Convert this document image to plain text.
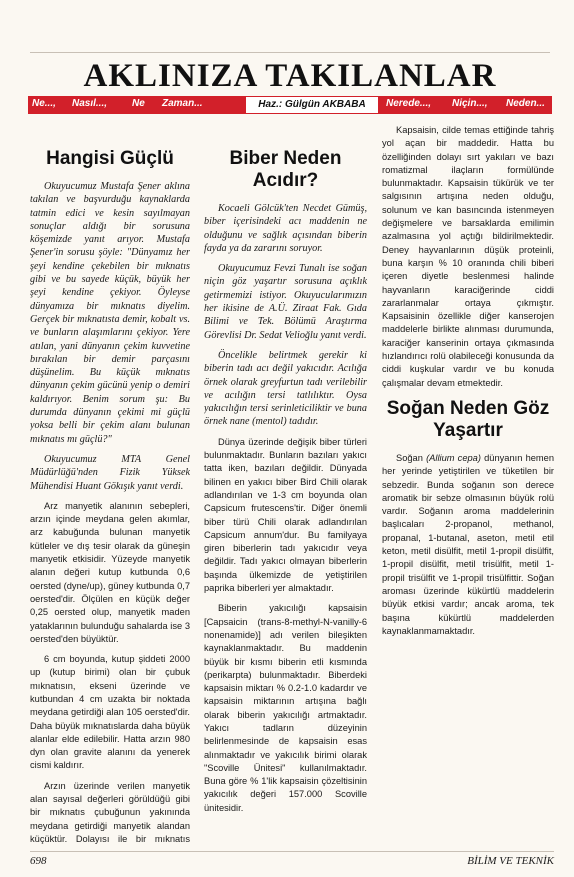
AKLINIZA TAKILANLAR
Ne..., Nasıl..., Ne Zaman...	Haz.: Gülgün AKBABA	Nerede..., Niçin..., Neden...
Hangisi Güçlü

Okuyucumuz Mustafa Şener aklına takılan ve başvurduğu kaynaklarda tatmin edici ve kesin sayılmayan sonuçlar aldığı bir sorusuna köşemizde yanıt arıyor. Mustafa Şener'in sorusu şöyle: "Dünyamız her şeyi kendine çekebilen bir mıknatıs gibi ve bu sayede küçük, büyük her şeyi kendine çekiyor. Öyleyse dünyamıza bir mıknatıs diyelim. Gerçek bir mıknatısta demir, kobalt vs. ve bunların alaşımlarını çekiyor. Yere atılan, yani dünyanın çekim kuvvetine bırakılan bir demir parçasını düşünelim. Bu küçük mıknatıs dünyanın çekim gücünü yenip o demiri kaldırıyor. Benim sorum şu: Bu durumda dünyanın çekimi mi güçlü yoksa belli bir çekim alanı bulunan mıknatıs mı güçlü?"

Okuyucumuz MTA Genel Müdürlüğü'nden Fizik Yüksek Mühendisi Huant Gökışık yanıt verdi.

Arz manyetik alanının sebepleri, arzın içinde meydana gelen akımlar, arz kabuğunda bulunan manyetik kütleler ve dış tesir olarak da güneşin manyetik etkisidir. Yüzeyde manyetik alanın değeri kutup kutbunda 0,6 oersted (dyne/up), güney kutbunda 0,7 oersted'dir. Ölçülen en küçük değer 0,25 oersted olup, manyetik maden yataklarının bulunduğu sahalarda ise 3 oersted'den büyüktür.

6 cm boyunda, kutup şiddeti 2000 up (kutup birimi) olan bir çubuk mıknatısın, ekseni üzerinde ve kutbundan 4 cm uzakta bir noktada meydana getirdiği alan 105 oersted'dir. Daha büyük mıknatıslarda daha büyük alanlar elde edilebilir. Hatta arzın 980 dyn olan gravite alanını da yenerek cismi kaldırır.

Arzın üzerinde verilen manyetik alan sayısal değerleri görüldüğü gibi bir mıknatıs çubuğunun yakınında meydana getirdiği manyetik alandan küçüktür. Dolayısı ile bir mıknatıs

Biber Neden Acıdır?

Kocaeli Gölcük'ten Necdet Gümüş, biber içerisindeki acı maddenin ne olduğunu ve sağlık açısından biberin fayda ya da zararını soruyor.

Okuyucumuz Fevzi Tunalı ise soğan niçin göz yaşartır sorusuna açıklık getirmemizi istiyor. Okuyucularımızın her ikisine de A.Ü. Ziraat Fak. Gıda Bilimi ve Tek. Bölümü Araştırma Görevlisi Dr. Sedat Velioğlu yanıt verdi.

Öncelikle belirtmek gerekir ki biberin tadı acı değil yakıcıdır. Acılığa örnek olarak greyfurtun tadı verilebilir ve acılığın tersi tatlılıktır. Oysa yakıcılığın tersi serinleticiliktir ve buna örnek nane (mentol) tadıdır.

Dünya üzerinde değişik biber türleri bulunmaktadır. Bunların bazıları yakıcı tatta iken, bazıları değildir. Dünyada bilinen en yakıcı biber Bird Chili olarak adlandırılan ve 1-3 cm boyunda olan Capsicum frutescens'tir. Diğer önemli biber türü Chili olarak adlandırılan Capsicum annum'dur. Bu familyaya giren biberlerin tadı yakıcıdır veya değildir. Tadı yakıcı olmayan biberlerin başında ülkemizde de yetiştirilen paprika biberleri yer almaktadır.

Biberin yakıcılığı kapsaisin [Capsaicin (trans-8-methyl-N-vanilly-6 nonenamide)] adı verilen bileşikten kaynaklanmaktadır. Bu maddenin büyük bir kısmı biberin etli kısmında (perikarpta) bulunmaktadır. Biberdeki kapsaisin miktarı % 0.2-1.0 kadardır ve kapsaisin miktarının artışına bağlı olarak biberin yakıcılığı artmaktadır. Yakıcı tadların düzeyinin belirlenmesinde de kapsaisin esas alınmaktadır ve yakıcılık birimi olarak "Scoville Ünitesi" kullanılmaktadır. Buna göre % 1'lik kapsaisin çözeltisinin yakıcılık değeri 157.000 Scoville ünitesidir.

Kapsaisin, cilde temas ettiğinde tahriş yol açan bir maddedir. Hatta bu özelliğinden dolayı sırt yakıları ve bazı romatizmal ilaçların formülünde bulunmaktadır. Kapsaisin tükürük ve ter salgısının artışına neden olduğu, solunum ve kan basıncında istenmeyen değişmelere ve barsaklarda emilimin azalmasına yol açtığı bildirilmektedir. Deney hayvanlarının düşük proteinli, buna karşın % 10 oranında chili biberi içeren diyetle beslenmesi halinde hayvanların karaciğerinde ciddi zararlanmalar ortaya çıkmıştır. Kapsaisinin özellikle diğer kanserojen maddelerle birlikte alınması durumunda, karaciğer kanserinin ortaya çıkmasında hızlandırıcı rolü olabileceği konusunda da ciddi kuşkular vardır ve bu konuda çalışmalar devam etmektedir.

Soğan Neden Göz Yaşartır

Soğan (Allium cepa) dünyanın hemen her yerinde yetiştirilen ve tüketilen bir sebzedir. Bunda soğanın son derece aromatik bir sebze olmasının büyük rolü vardır. Soğanın aroma maddelerinin başlıcaları 2-propanol, methanol, propanal, 1-butanal, aseton, metil etil keton, metil disülfit, metil 1-propil disülfit, 1-propil disülfit, metil trisülfit, metil 1-propil trisülfit ve 1-propil trisülfittir. Soğan aroması üzerinde kükürtlü maddelerin büyük etkisi vardır; ancak aroma, tek başına kükürtlü maddelerden kaynaklanmamaktadır.

698	BİLİM VE TEKNİK
